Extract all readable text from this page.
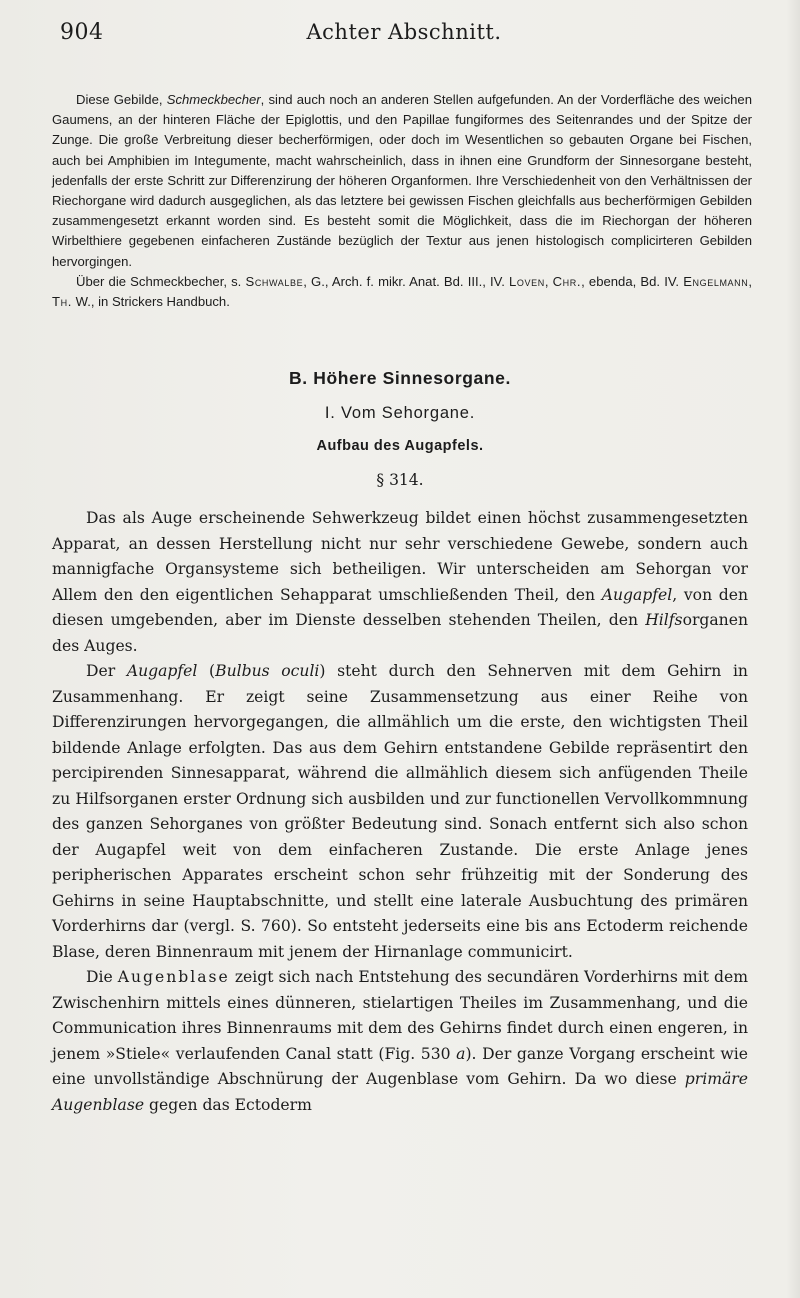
904	Achter Abschnitt.

Diese Gebilde, Schmeckbecher, sind auch noch an anderen Stellen aufgefunden. An der Vorderfläche des weichen Gaumens, an der hinteren Fläche der Epiglottis, und den Papillae fungiformes des Seitenrandes und der Spitze der Zunge. Die große Verbreitung dieser becherförmigen, oder doch im Wesentlichen so gebauten Organe bei Fischen, auch bei Amphibien im Integumente, macht wahrscheinlich, dass in ihnen eine Grundform der Sinnesorgane besteht, jedenfalls der erste Schritt zur Differenzirung der höheren Organformen. Ihre Verschiedenheit von den Verhältnissen der Riechorgane wird dadurch ausgeglichen, als das letztere bei gewissen Fischen gleichfalls aus becherförmigen Gebilden zusammengesetzt erkannt worden sind. Es besteht somit die Möglichkeit, dass die im Riechorgan der höheren Wirbelthiere gegebenen einfacheren Zustände bezüglich der Textur aus jenen histologisch complicirteren Gebilden hervorgingen.

Über die Schmeckbecher, s. Schwalbe, G., Arch. f. mikr. Anat. Bd. III., IV. Loven, Chr., ebenda, Bd. IV. Engelmann, Th. W., in Strickers Handbuch.

B. Höhere Sinnesorgane.
I. Vom Sehorgane.
Aufbau des Augapfels.
§ 314.

Das als Auge erscheinende Sehwerkzeug bildet einen höchst zusammengesetzten Apparat, an dessen Herstellung nicht nur sehr verschiedene Gewebe, sondern auch mannigfache Organsysteme sich betheiligen. Wir unterscheiden am Sehorgan vor Allem den den eigentlichen Sehapparat umschließenden Theil, den Augapfel, von den diesen umgebenden, aber im Dienste desselben stehenden Theilen, den Hilfsorganen des Auges.

Der Augapfel (Bulbus oculi) steht durch den Sehnerven mit dem Gehirn in Zusammenhang. Er zeigt seine Zusammensetzung aus einer Reihe von Differenzirungen hervorgegangen, die allmählich um die erste, den wichtigsten Theil bildende Anlage erfolgten. Das aus dem Gehirn entstandene Gebilde repräsentirt den percipirenden Sinnesapparat, während die allmählich diesem sich anfügenden Theile zu Hilfsorganen erster Ordnung sich ausbilden und zur functionellen Vervollkommnung des ganzen Sehorganes von größter Bedeutung sind. Sonach entfernt sich also schon der Augapfel weit von dem einfacheren Zustande. Die erste Anlage jenes peripherischen Apparates erscheint schon sehr frühzeitig mit der Sonderung des Gehirns in seine Hauptabschnitte, und stellt eine laterale Ausbuchtung des primären Vorderhirns dar (vergl. S. 760). So entsteht jederseits eine bis ans Ectoderm reichende Blase, deren Binnenraum mit jenem der Hirnanlage communicirt.

Die Augenblase zeigt sich nach Entstehung des secundären Vorderhirns mit dem Zwischenhirn mittels eines dünneren, stielartigen Theiles im Zusammenhang, und die Communication ihres Binnenraums mit dem des Gehirns findet durch einen engeren, in jenem »Stiele« verlaufenden Canal statt (Fig. 530 a). Der ganze Vorgang erscheint wie eine unvollständige Abschnürung der Augenblase vom Gehirn. Da wo diese primäre Augenblase gegen das Ectoderm
